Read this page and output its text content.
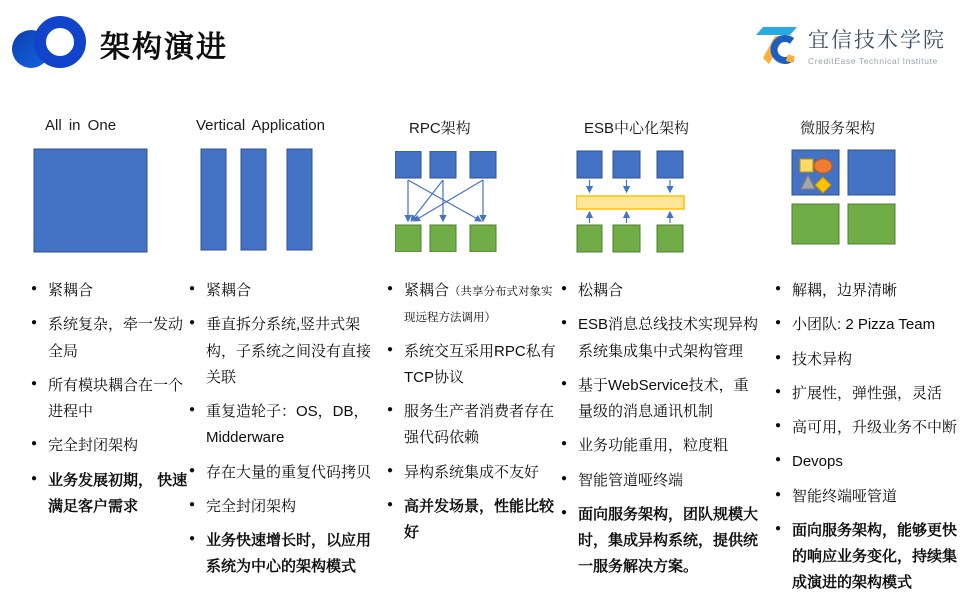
架构演进	宜信技术学院
CreditEase Technical Institute
All in One
● 紧耦合
● 系统复杂，牵一发动全局
● 所有模块耦合在一个进程中
● 完全封闭架构
● 业务发展初期， 快速满足客户需求
Vertical Application
● 紧耦合
● 垂直拆分系统,竖井式架构，子系统之间没有直接关联
● 重复造轮子：OS，DB，Midderware
● 存在大量的重复代码拷贝
● 完全封闭架构
● 业务快速增长时，以应用系统为中心的架构模式
RPC架构
● 紧耦合（共享分布式对象实现远程方法调用）
● 系统交互采用RPC私有TCP协议
● 服务生产者消费者存在强代码依赖
● 异构系统集成不友好
● 高并发场景，性能比较好
ESB中心化架构
● 松耦合
● ESB消息总线技术实现异构系统集成集中式架构管理
● 基于WebService技术，重量级的消息通讯机制
● 业务功能重用，粒度粗
● 智能管道哑终端
● 面向服务架构，团队规模大时，集成异构系统，提供统一服务解决方案。
微服务架构
● 解耦，边界清晰
● 小团队: 2 Pizza Team
● 技术异构
● 扩展性，弹性强，灵活
● 高可用，升级业务不中断
● Devops
● 智能终端哑管道
● 面向服务架构，能够更快的响应业务变化，持续集成演进的架构模式
